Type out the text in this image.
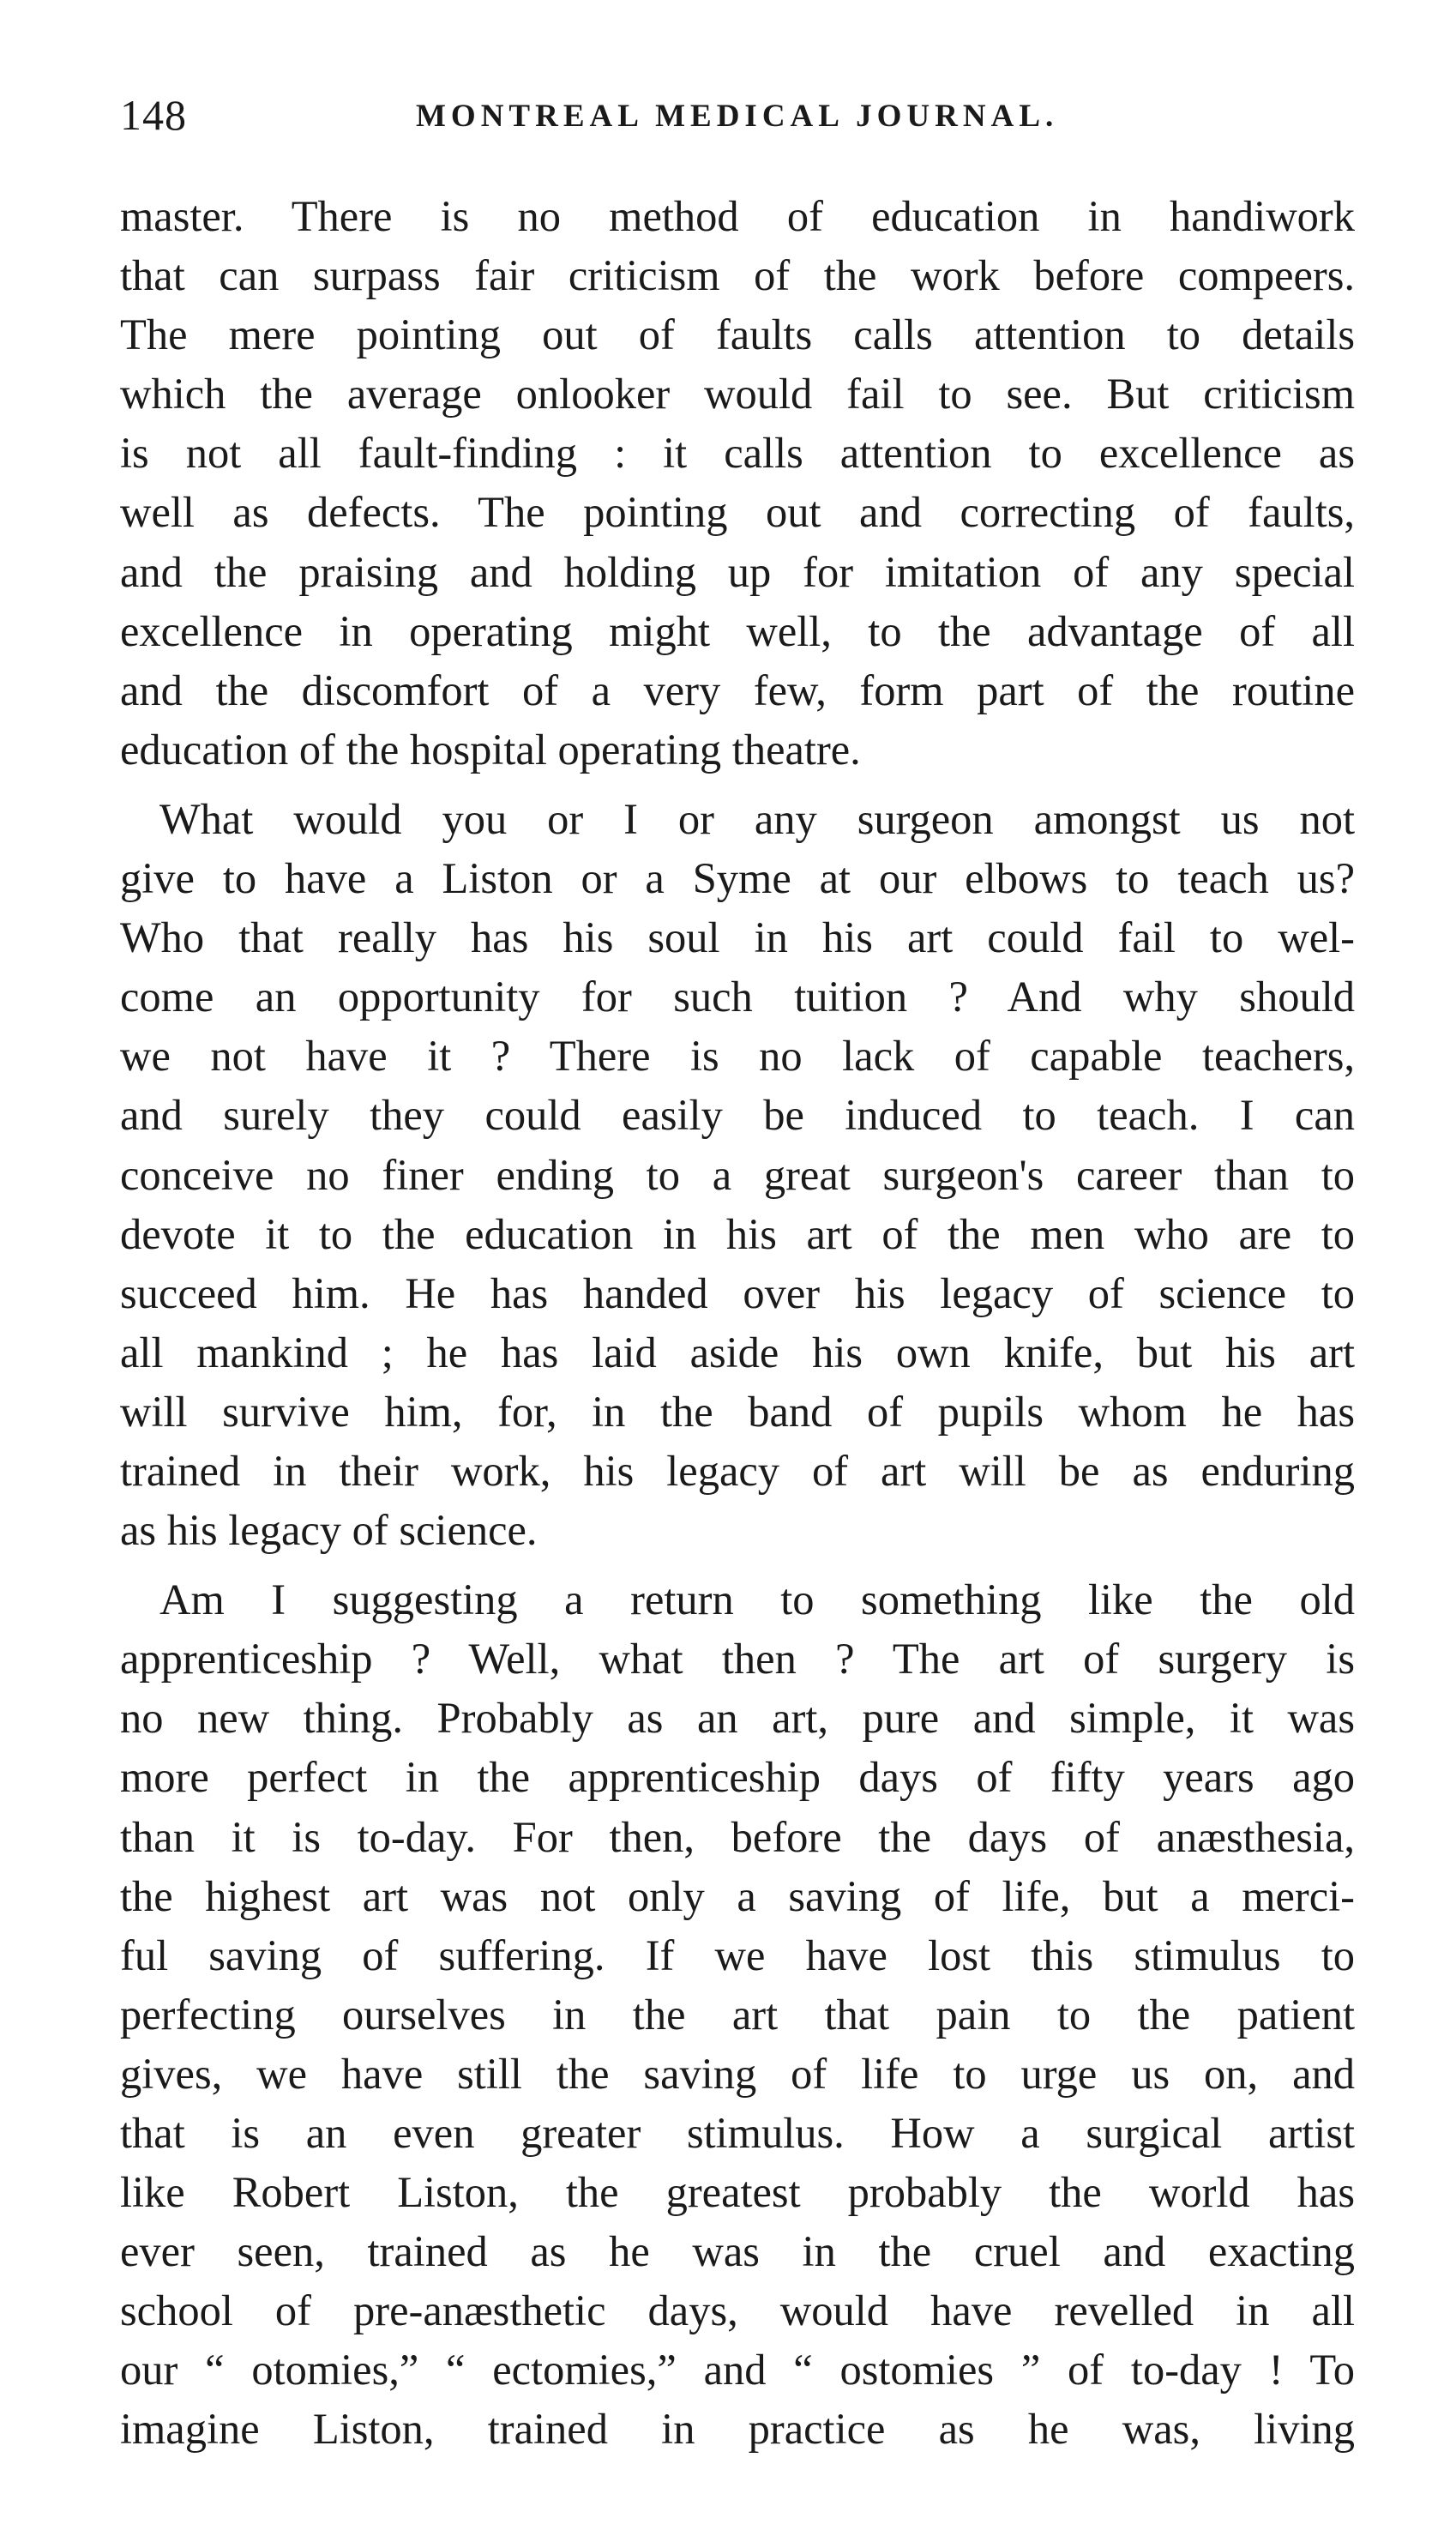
148	MONTREAL MEDICAL JOURNAL.
master. There is no method of education in handiwork
that can surpass fair criticism of the work before compeers.
The mere pointing out of faults calls attention to details
which the average onlooker would fail to see. But criticism
is not all fault-finding : it calls attention to excellence as
well as defects. The pointing out and correcting of faults,
and the praising and holding up for imitation of any special
excellence in operating might well, to the advantage of all
and the discomfort of a very few, form part of the routine
education of the hospital operating theatre.
What would you or I or any surgeon amongst us not
give to have a Liston or a Syme at our elbows to teach us?
Who that really has his soul in his art could fail to wel-
come an opportunity for such tuition ? And why should
we not have it ? There is no lack of capable teachers,
and surely they could easily be induced to teach. I can
conceive no finer ending to a great surgeon's career than to
devote it to the education in his art of the men who are to
succeed him. He has handed over his legacy of science to
all mankind ; he has laid aside his own knife, but his art
will survive him, for, in the band of pupils whom he has
trained in their work, his legacy of art will be as enduring
as his legacy of science.
Am I suggesting a return to something like the old
apprenticeship ? Well, what then ? The art of surgery is
no new thing. Probably as an art, pure and simple, it was
more perfect in the apprenticeship days of fifty years ago
than it is to-day. For then, before the days of anæsthesia,
the highest art was not only a saving of life, but a merci-
ful saving of suffering. If we have lost this stimulus to
perfecting ourselves in the art that pain to the patient
gives, we have still the saving of life to urge us on, and
that is an even greater stimulus. How a surgical artist
like Robert Liston, the greatest probably the world has
ever seen, trained as he was in the cruel and exacting
school of pre-anæsthetic days, would have revelled in all
our “ otomies,” “ ectomies,” and “ ostomies ” of to-day ! To
imagine Liston, trained in practice as he was, living
